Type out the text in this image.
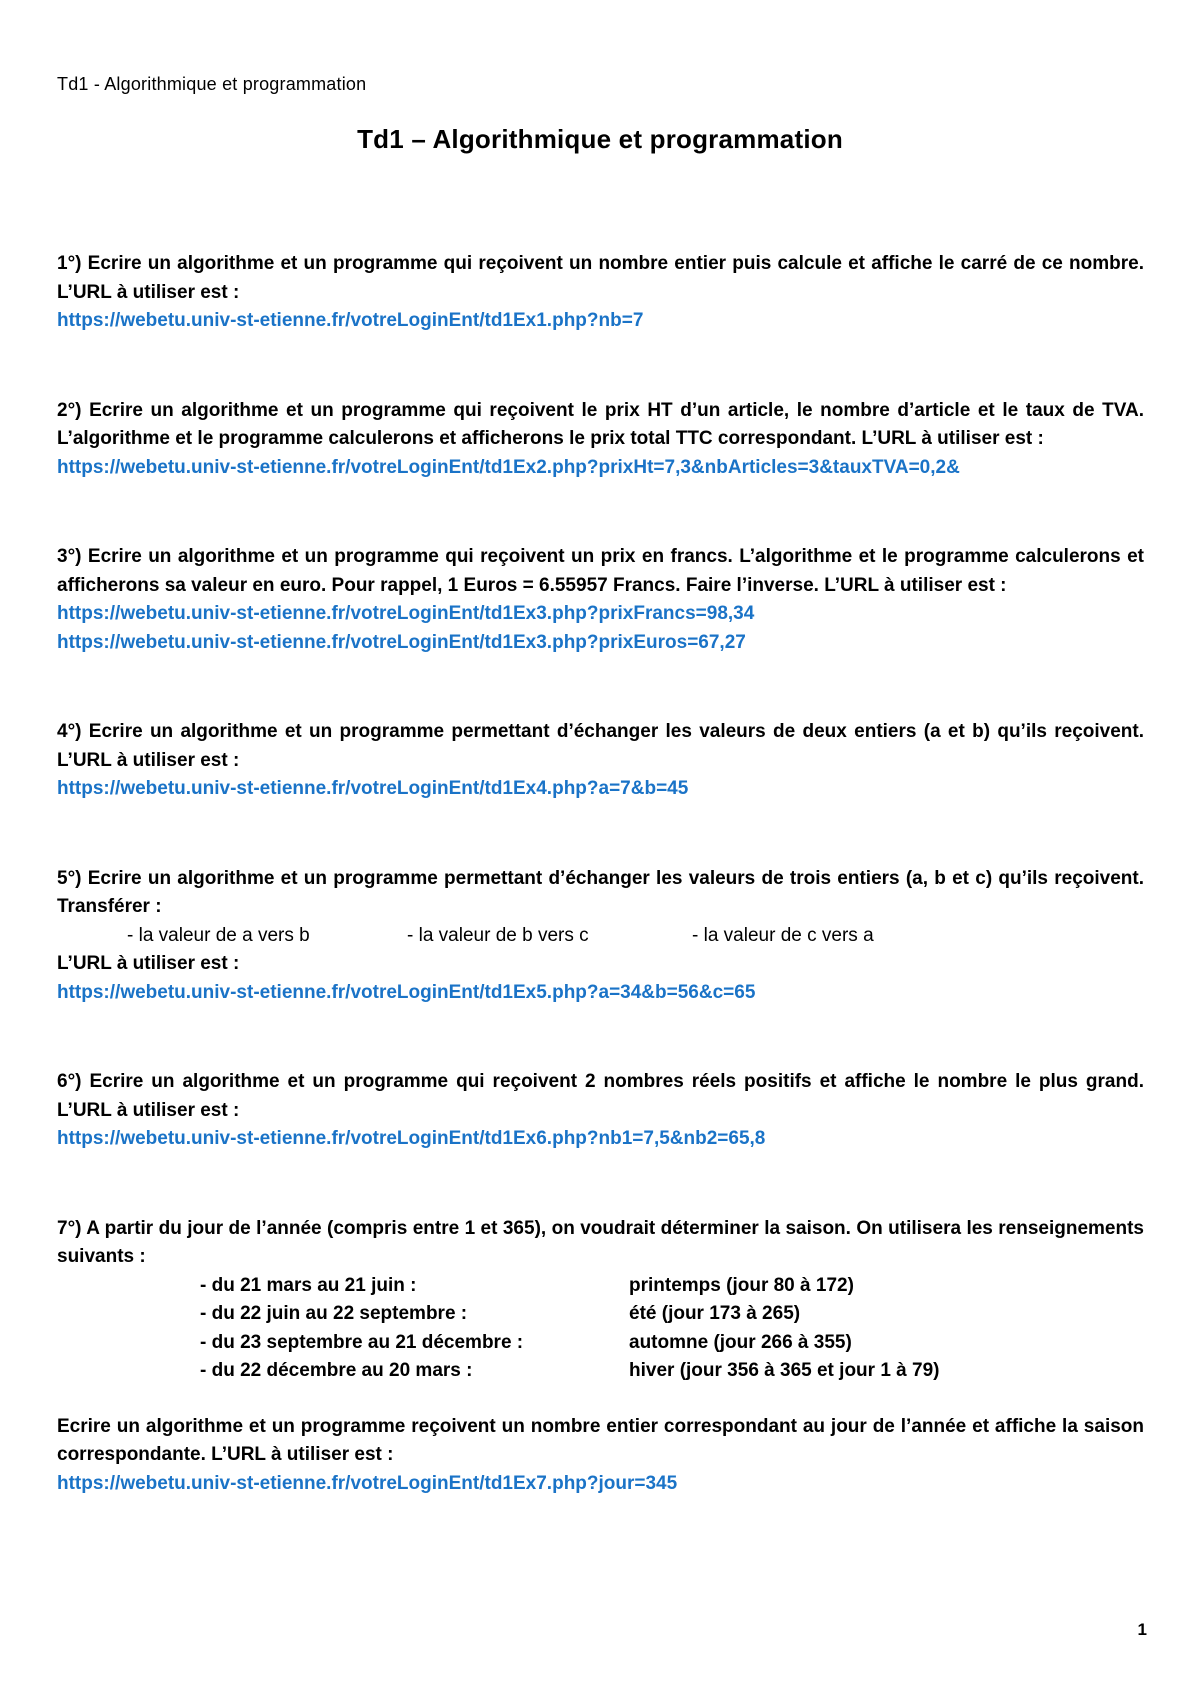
Td1 - Algorithmique et programmation
Td1 – Algorithmique et programmation

1°) Ecrire un algorithme et un programme qui reçoivent un nombre entier puis calcule et affiche le carré de ce nombre. L’URL à utiliser est :

https://webetu.univ-st-etienne.fr/votreLoginEnt/td1Ex1.php?nb=7

2°) Ecrire un algorithme et un programme qui reçoivent le prix HT d’un article, le nombre d’article et le taux de TVA. L’algorithme et le programme calculerons et afficherons le prix total TTC correspondant. L’URL à utiliser est :

https://webetu.univ-st-etienne.fr/votreLoginEnt/td1Ex2.php?prixHt=7,3&nbArticles=3&tauxTVA=0,2&

3°) Ecrire un algorithme et un programme qui reçoivent un prix en francs. L’algorithme et le programme calculerons et afficherons sa valeur en euro. Pour rappel, 1 Euros = 6.55957 Francs. Faire l’inverse. L’URL à utiliser est :

https://webetu.univ-st-etienne.fr/votreLoginEnt/td1Ex3.php?prixFrancs=98,34
https://webetu.univ-st-etienne.fr/votreLoginEnt/td1Ex3.php?prixEuros=67,27

4°) Ecrire un algorithme et un programme permettant d’échanger les valeurs de deux entiers (a et b) qu’ils reçoivent. L’URL à utiliser est :

https://webetu.univ-st-etienne.fr/votreLoginEnt/td1Ex4.php?a=7&b=45

5°) Ecrire un algorithme et un programme permettant d’échanger les valeurs de trois entiers (a, b et c) qu’ils reçoivent. Transférer :

- la valeur de a vers b	- la valeur de b vers c	- la valeur de c vers a

L’URL à utiliser est :

https://webetu.univ-st-etienne.fr/votreLoginEnt/td1Ex5.php?a=34&b=56&c=65

6°) Ecrire un algorithme et un programme qui reçoivent 2 nombres réels positifs et affiche le nombre le plus grand. L’URL à utiliser est :

https://webetu.univ-st-etienne.fr/votreLoginEnt/td1Ex6.php?nb1=7,5&nb2=65,8

7°) A partir du jour de l’année (compris entre 1 et 365), on voudrait déterminer la saison. On utilisera les renseignements suivants :

- du 21 mars au 21 juin :	printemps (jour 80 à 172)
- du 22 juin au 22 septembre :	été (jour 173 à 265)
- du 23 septembre au 21 décembre :	automne (jour 266 à 355)
- du 22 décembre au 20 mars :	hiver (jour 356 à 365 et jour 1 à 79)

Ecrire un algorithme et un programme reçoivent un nombre entier correspondant au jour de l’année et affiche la saison correspondante. L’URL à utiliser est :

https://webetu.univ-st-etienne.fr/votreLoginEnt/td1Ex7.php?jour=345
1
